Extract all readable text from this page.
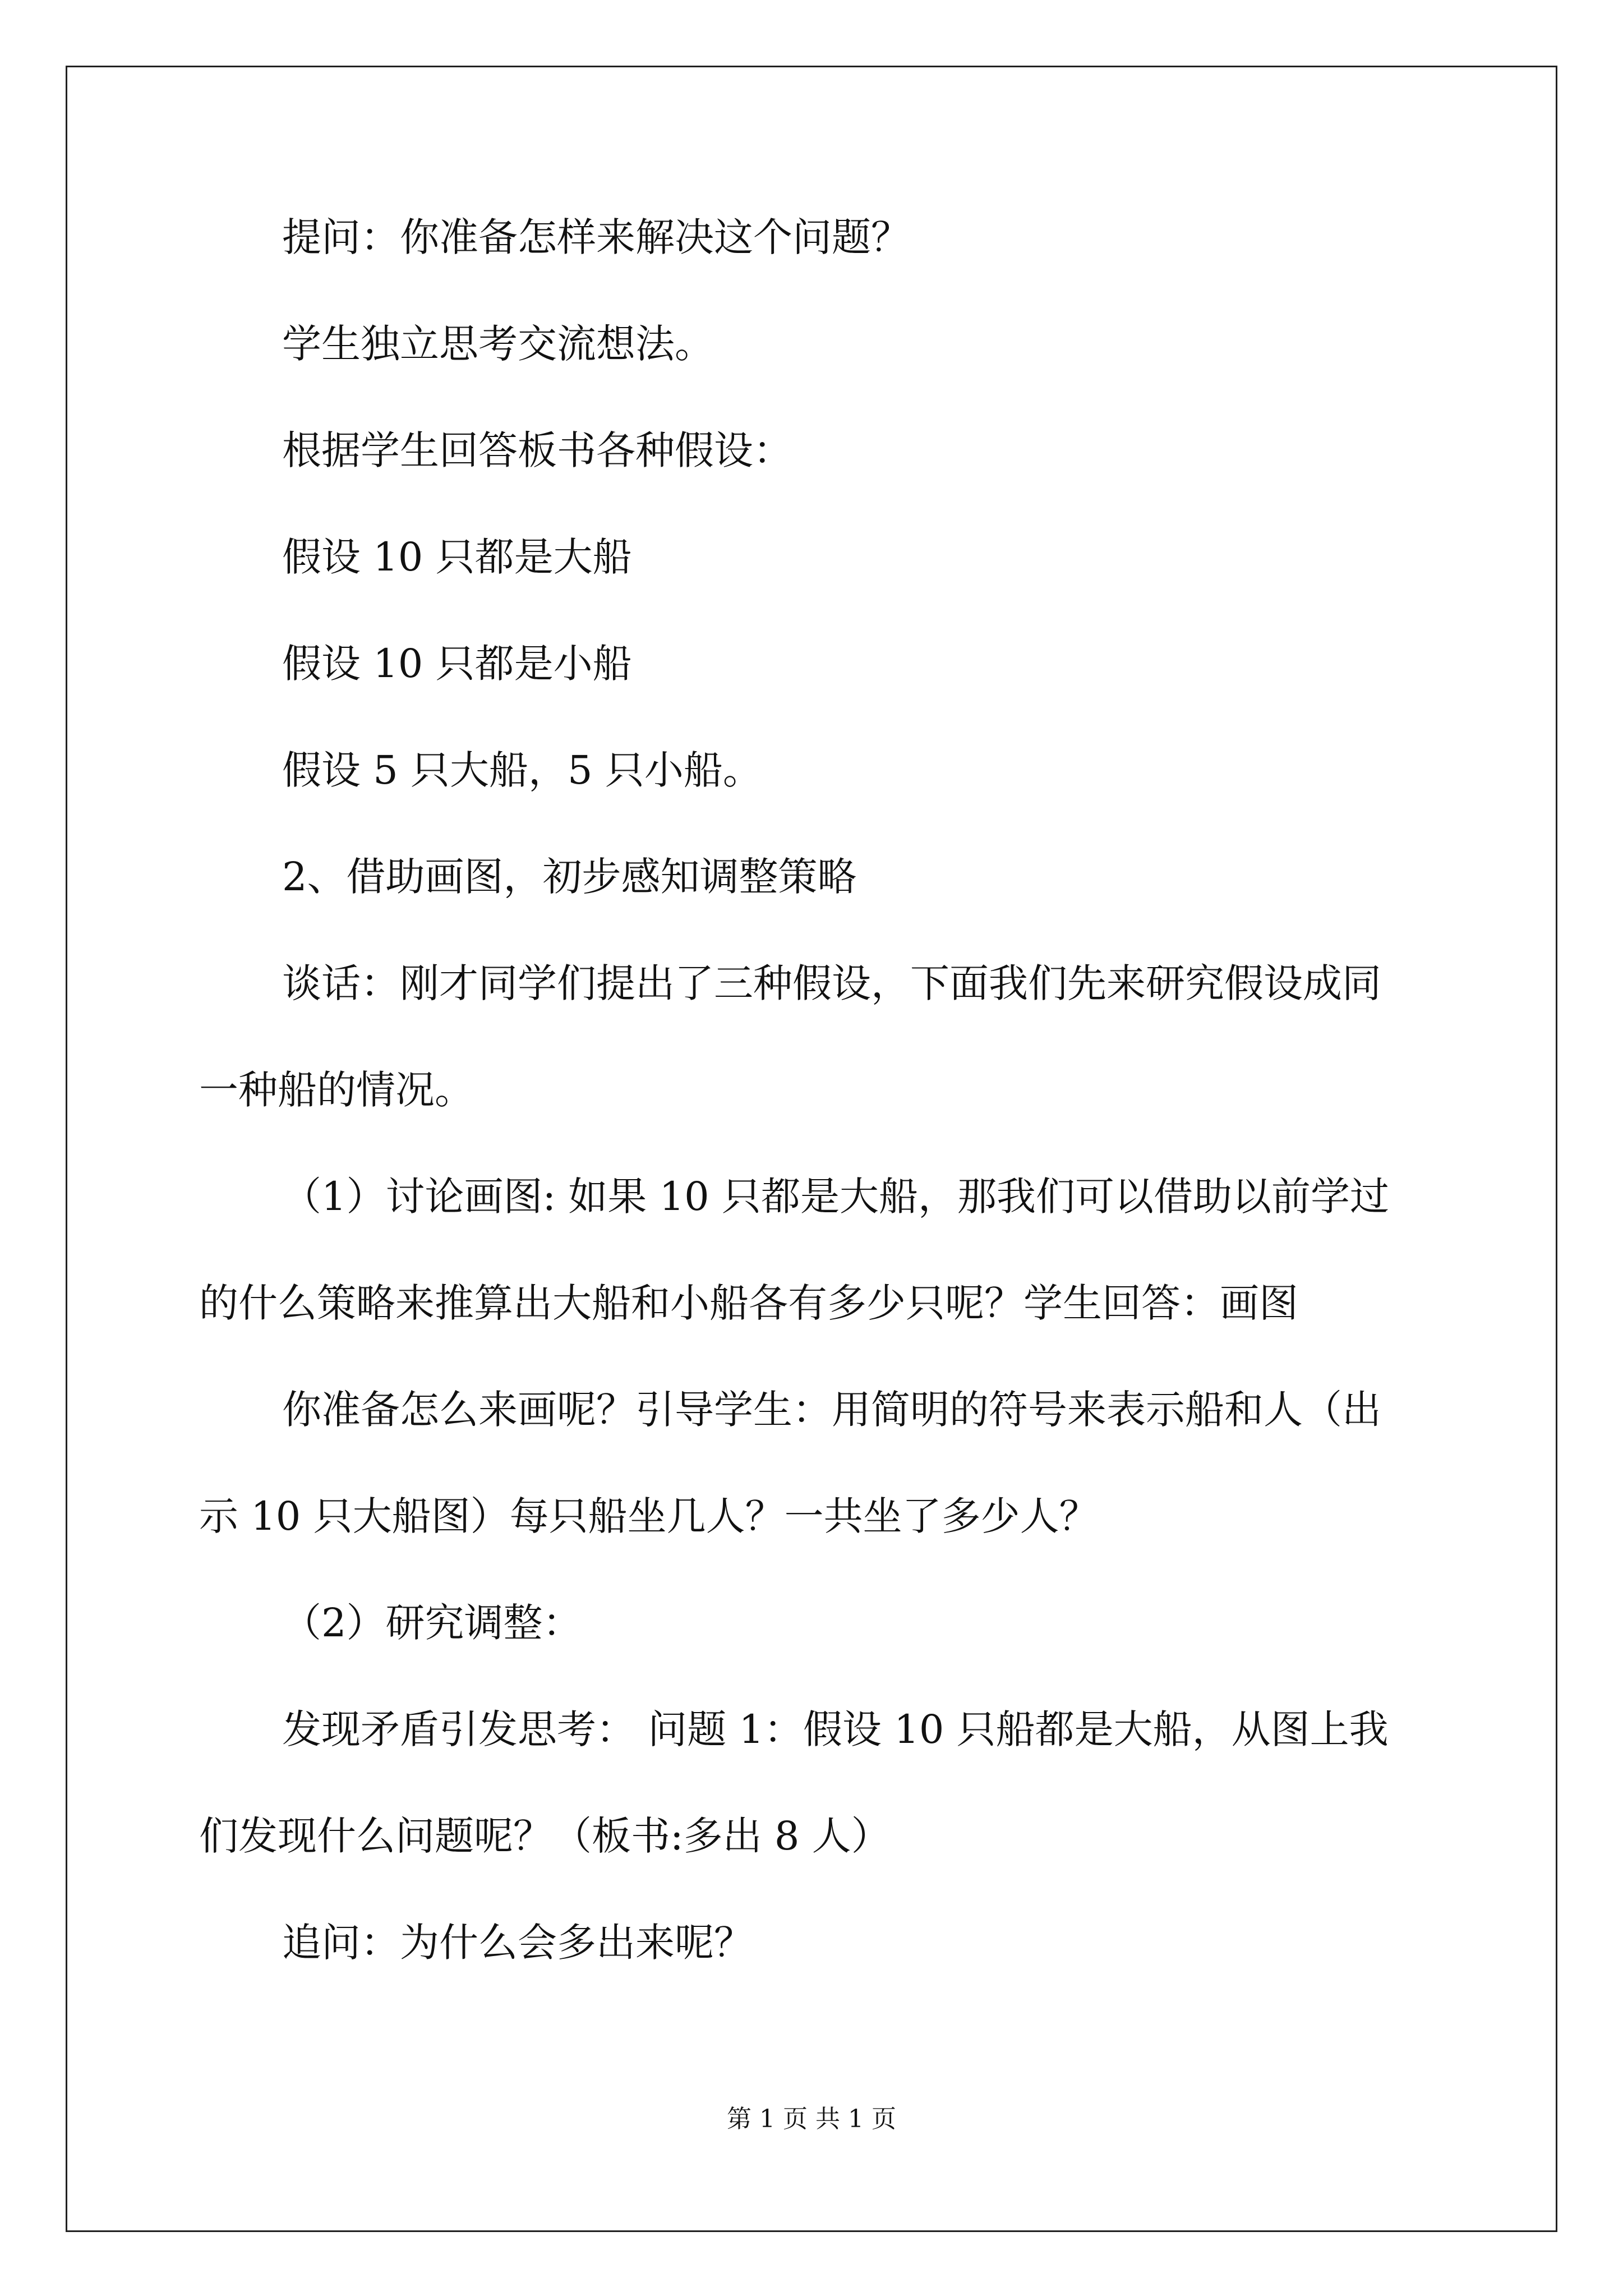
提问：你准备怎样来解决这个问题？
学生独立思考交流想法。
根据学生回答板书各种假设：
假设 10 只都是大船
假设 10 只都是小船
假设 5 只大船，5 只小船。
2、借助画图，初步感知调整策略
谈话：刚才同学们提出了三种假设，下面我们先来研究假设成同
一种船的情况。
（1）讨论画图: 如果 10 只都是大船，那我们可以借助以前学过
的什么策略来推算出大船和小船各有多少只呢？学生回答：画图
你准备怎么来画呢？引导学生：用简明的符号来表示船和人（出
示 10 只大船图）每只船坐几人？一共坐了多少人？
（2）研究调整：
发现矛盾引发思考： 问题 1：假设 10 只船都是大船，从图上我
们发现什么问题呢？（板书:多出 8 人）
追问：为什么会多出来呢？
第 1 页 共 1 页
